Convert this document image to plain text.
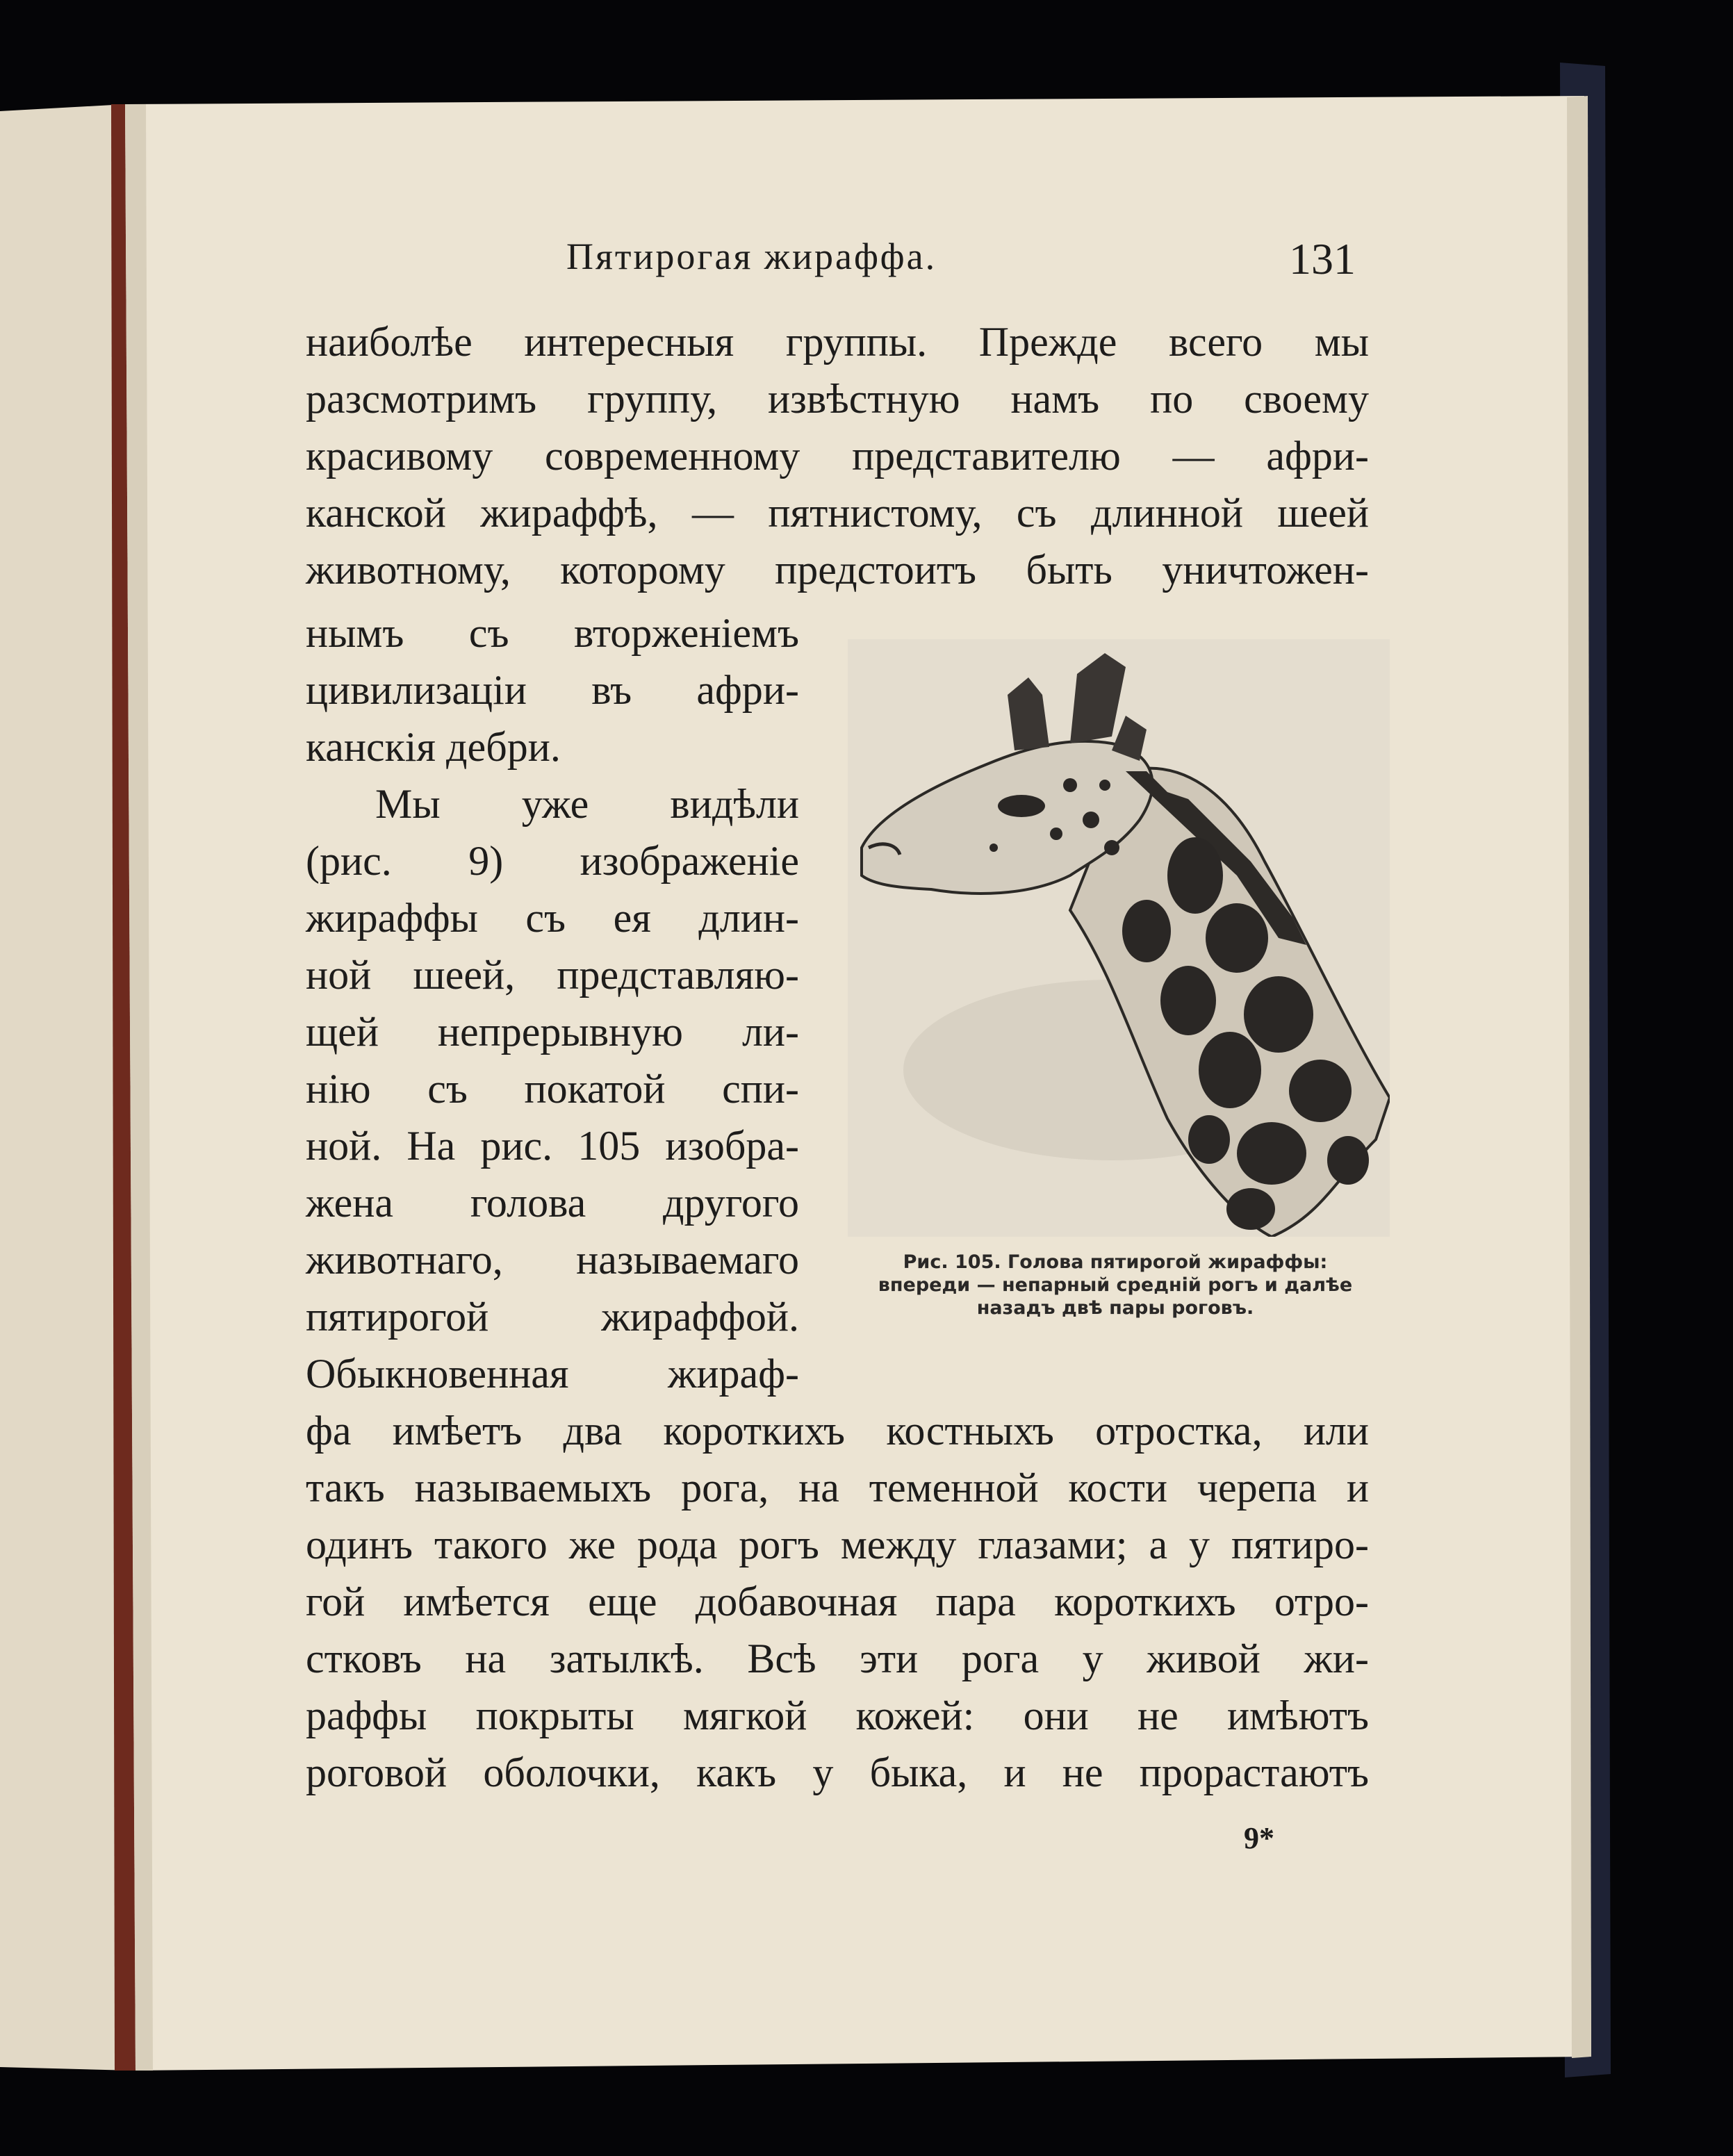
Пятирогая жираффа.	131
наиболѣе интересныя группы. Прежде всего мы
разсмотримъ группу, извѣстную намъ по своему
красивому современному представителю — афри-
канской жираффѣ, — пятнистому, съ длинной шеей
животному, которому предстоитъ быть уничтожен-
нымъ съ вторженіемъ
цивилизаціи въ афри-
канскія дебри.
Мы уже видѣли
(рис. 9) изображеніе
жираффы съ ея длин-
ной шеей, представляю-
щей непрерывную ли-
нію съ покатой спи-
ной. На рис. 105 изобра-
жена голова другого
животнаго, называемаго
пятирогой жираффой.
Обыкновенная жираф-
фа имѣетъ два короткихъ костныхъ отростка, или
такъ называемыхъ рога, на теменной кости черепа и
одинъ такого же рода рогъ между глазами; а у пятиро-
гой имѣется еще добавочная пара короткихъ отро-
стковъ на затылкѣ. Всѣ эти рога у живой жи-
раффы покрыты мягкой кожей: они не имѣютъ
роговой оболочки, какъ у быка, и не прорастаютъ
Рис. 105. Голова пятирогой жираффы:
впереди — непарный средній рогъ и далѣе
назадъ двѣ пары роговъ.
9*
